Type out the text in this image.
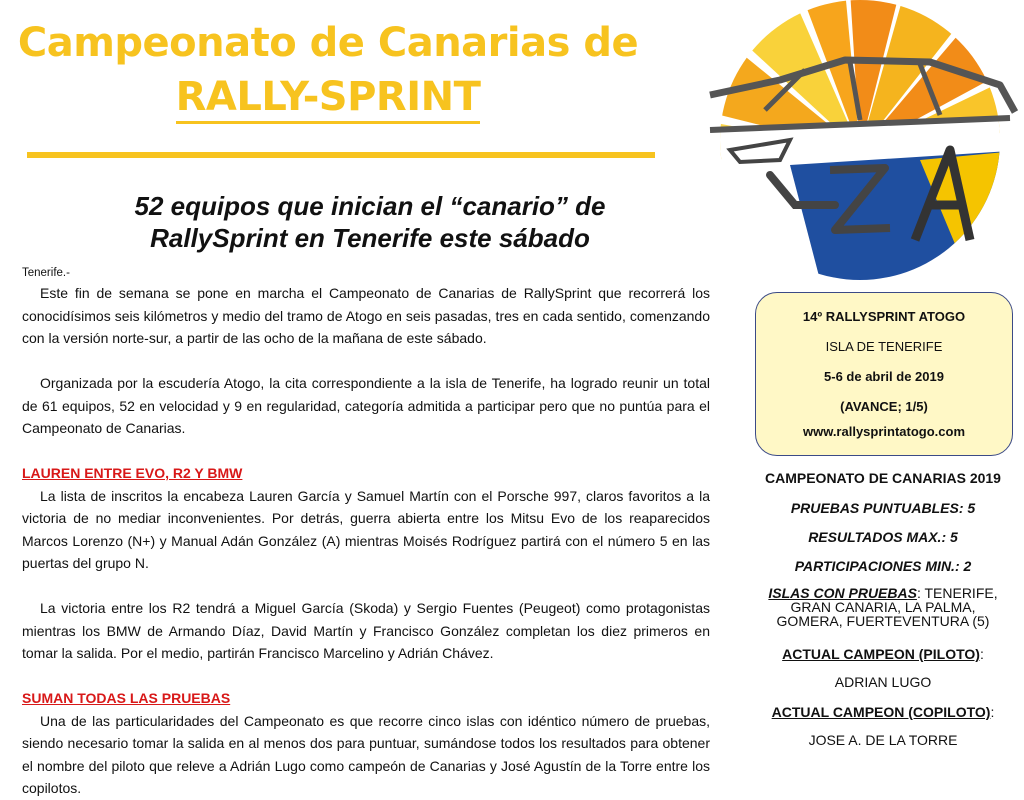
Campeonato de Canarias de
RALLY-SPRINT
52 equipos que inician el “canario” de
RallySprint en Tenerife este sábado

Tenerife.-

Este fin de semana se pone en marcha el Campeonato de Canarias de RallySprint que recorrerá los conocidísimos seis kilómetros y medio del tramo de Atogo en seis pasadas, tres en cada sentido, comenzando con la versión norte-sur, a partir de las ocho de la mañana de este sábado.

Organizada por la escudería Atogo, la cita correspondiente a la isla de Tenerife, ha logrado reunir un total de 61 equipos, 52 en velocidad y 9 en regularidad, categoría admitida a participar pero que no puntúa para el Campeonato de Canarias.

LAUREN ENTRE EVO, R2 Y BMW

La lista de inscritos la encabeza Lauren García y Samuel Martín con el Porsche 997, claros favoritos a la victoria de no mediar inconvenientes. Por detrás, guerra abierta entre los Mitsu Evo de los reaparecidos Marcos Lorenzo (N+) y Manual Adán González (A) mientras Moisés Rodríguez partirá con el número 5 en las puertas del grupo N.

La victoria entre los R2 tendrá a Miguel García (Skoda) y Sergio Fuentes (Peugeot) como protagonistas mientras los BMW de Armando Díaz, David Martín y Francisco González completan los diez primeros en tomar la salida. Por el medio, partirán Francisco Marcelino y Adrián Chávez.

SUMAN TODAS LAS PRUEBAS

Una de las particularidades del Campeonato es que recorre cinco islas con idéntico número de pruebas, siendo necesario tomar la salida en al menos dos para puntuar, sumándose todos los resultados para obtener el nombre del piloto que releve a Adrián Lugo como campeón de Canarias y José Agustín de la Torre entre los copilotos.

14º RALLYSPRINT ATOGO
ISLA DE TENERIFE
5-6 de abril de 2019
(AVANCE; 1/5)
www.rallysprintatogo.com
CAMPEONATO DE CANARIAS 2019
PRUEBAS PUNTUABLES: 5
RESULTADOS MAX.: 5
PARTICIPACIONES MIN.: 2
ISLAS CON PRUEBAS: TENERIFE,
GRAN CANARIA, LA PALMA,
GOMERA, FUERTEVENTURA (5)
ACTUAL CAMPEON (PILOTO):
ADRIAN LUGO
ACTUAL CAMPEON (COPILOTO):
JOSE A. DE LA TORRE
